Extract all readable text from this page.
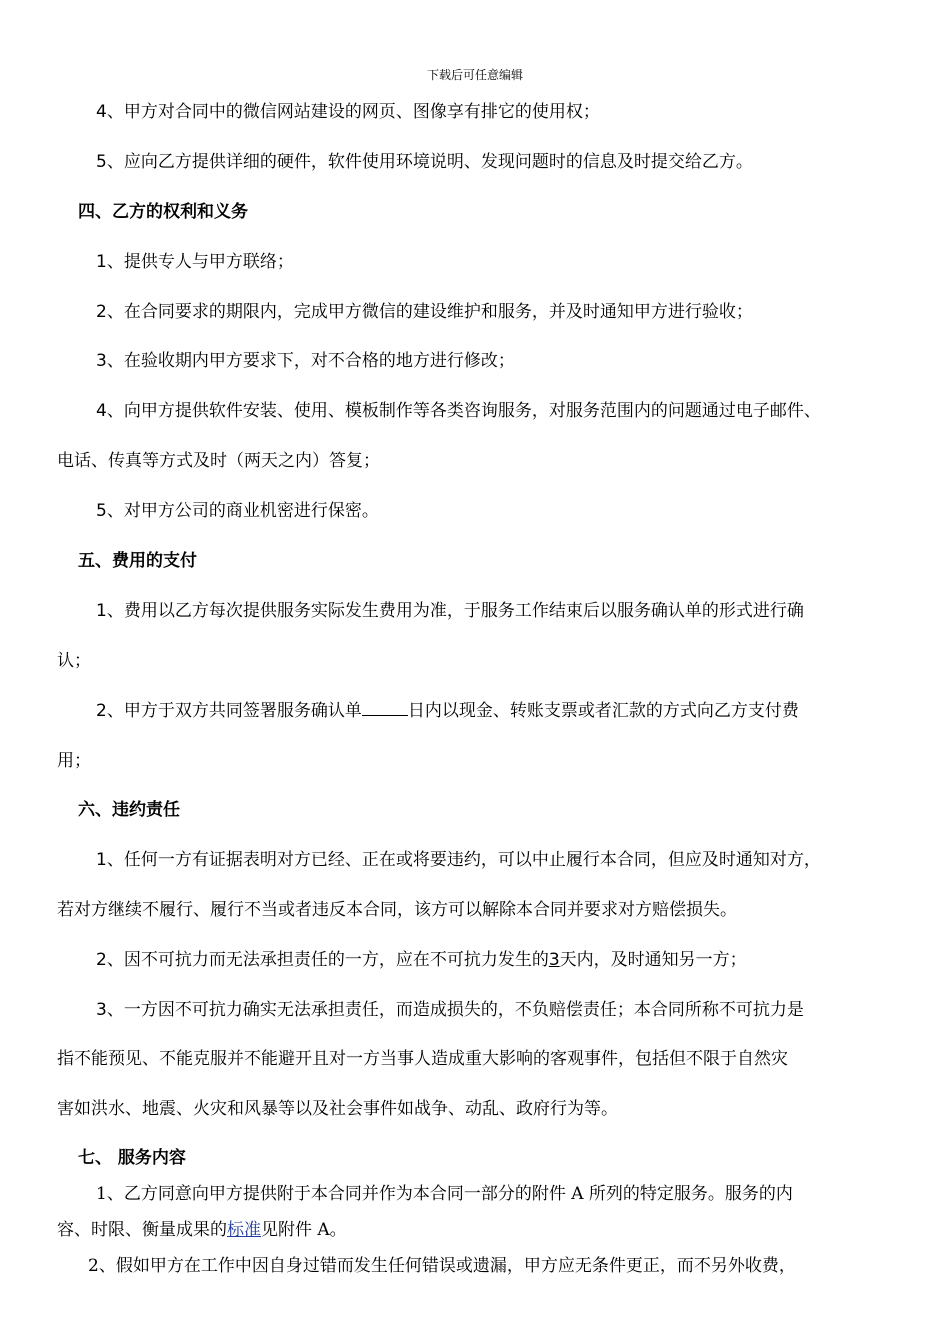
下载后可任意编辑
4、甲方对合同中的微信网站建设的网页、图像享有排它的使用权；
5、应向乙方提供详细的硬件，软件使用环境说明、发现问题时的信息及时提交给乙方。
四、乙方的权利和义务
1、提供专人与甲方联络；
2、在合同要求的期限内，完成甲方微信的建设维护和服务，并及时通知甲方进行验收；
3、在验收期内甲方要求下，对不合格的地方进行修改；
4、向甲方提供软件安装、使用、模板制作等各类咨询服务，对服务范围内的问题通过电子邮件、
电话、传真等方式及时（两天之内）答复；
5、对甲方公司的商业机密进行保密。
五、费用的支付
1、费用以乙方每次提供服务实际发生费用为准，于服务工作结束后以服务确认单的形式进行确
认；
2、甲方于双方共同签署服务确认单	日内以现金、转账支票或者汇款的方式向乙方支付费
用；
六、违约责任
1、任何一方有证据表明对方已经、正在或将要违约，可以中止履行本合同，但应及时通知对方，
若对方继续不履行、履行不当或者违反本合同，该方可以解除本合同并要求对方赔偿损失。
2、因不可抗力而无法承担责任的一方，应在不可抗力发生的3天内，及时通知另一方；
3、一方因不可抗力确实无法承担责任，而造成损失的，不负赔偿责任；本合同所称不可抗力是
指不能预见、不能克服并不能避开且对一方当事人造成重大影响的客观事件，包括但不限于自然灾
害如洪水、地震、火灾和风暴等以及社会事件如战争、动乱、政府行为等。
七、 服务内容
1、乙方同意向甲方提供附于本合同并作为本合同一部分的附件 A 所列的特定服务。服务的内
容、时限、衡量成果的标准见附件 A。
2、假如甲方在工作中因自身过错而发生任何错误或遗漏，甲方应无条件更正，而不另外收费，
